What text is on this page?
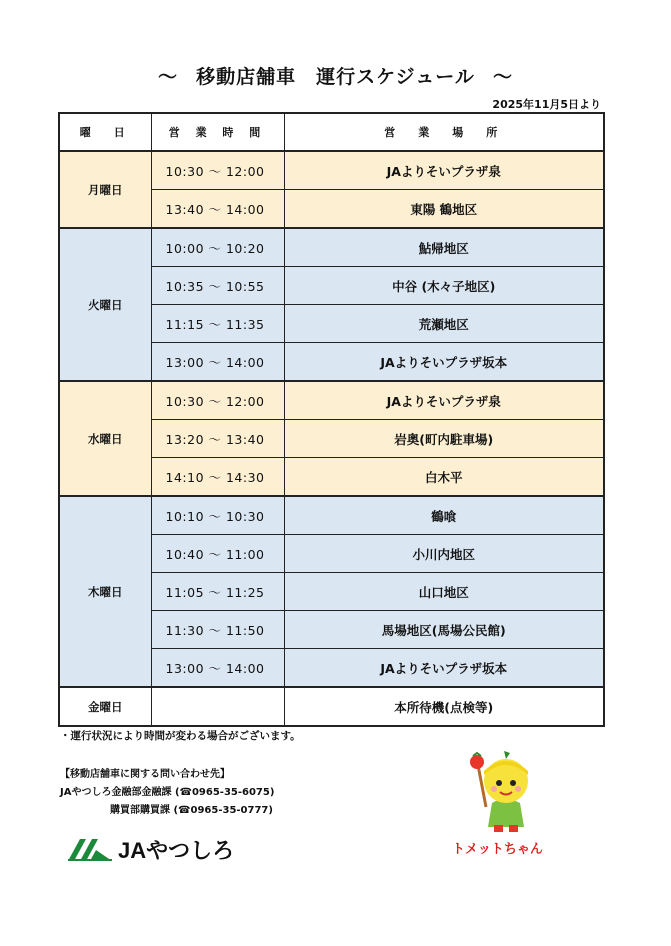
～ 移動店舗車　運行スケジュール ～
2025年11月5日より
曜　日	営 業 時 間	営　業　場　所
月曜日	10:30 ～ 12:00	JAよりそいプラザ泉
	13:40 ～ 14:00	東陽 鶴地区
火曜日	10:00 ～ 10:20	鮎帰地区
	10:35 ～ 10:55	中谷 (木々子地区)
	11:15 ～ 11:35	荒瀬地区
	13:00 ～ 14:00	JAよりそいプラザ坂本
水曜日	10:30 ～ 12:00	JAよりそいプラザ泉
	13:20 ～ 13:40	岩奥(町内駐車場)
	14:10 ～ 14:30	白木平
木曜日	10:10 ～ 10:30	鶴喰
	10:40 ～ 11:00	小川内地区
	11:05 ～ 11:25	山口地区
	11:30 ～ 11:50	馬場地区(馬場公民館)
	13:00 ～ 14:00	JAよりそいプラザ坂本
金曜日		本所待機(点検等)
・運行状況により時間が変わる場合がございます。
【移動店舗車に関する問い合わせ先】
JAやつしろ金融部金融課 (☎0965-35-6075)
購買部購買課 (☎0965-35-0777)
JAやつしろ	トメットちゃん
